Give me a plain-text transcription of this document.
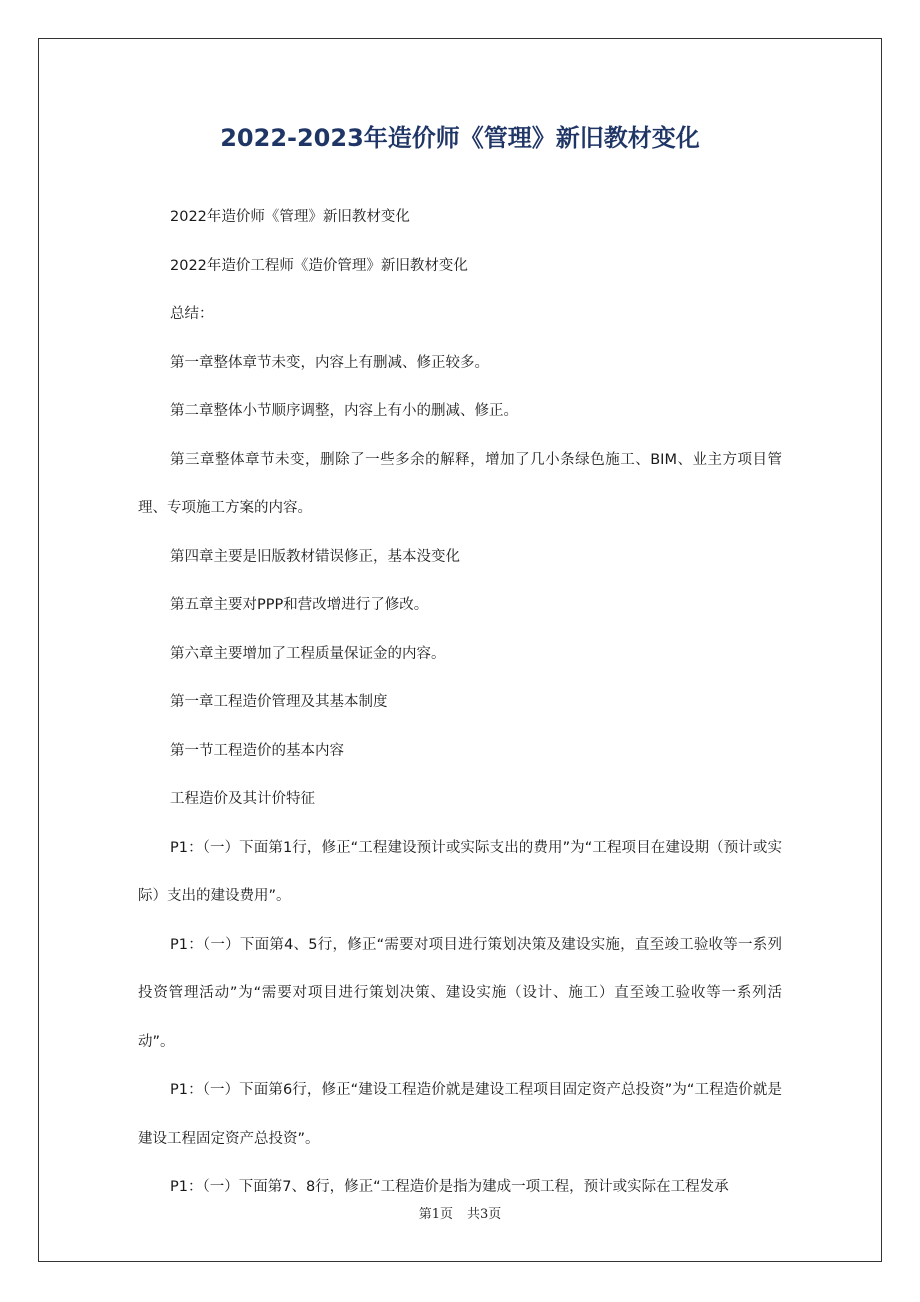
2022-2023年造价师《管理》新旧教材变化

2022年造价师《管理》新旧教材变化

2022年造价工程师《造价管理》新旧教材变化

总结：

第一章整体章节未变，内容上有删减、修正较多。

第二章整体小节顺序调整，内容上有小的删减、修正。

第三章整体章节未变，删除了一些多余的解释，增加了几小条绿色施工、BIM、业主方项目管理、专项施工方案的内容。

第四章主要是旧版教材错误修正，基本没变化

第五章主要对PPP和营改增进行了修改。

第六章主要增加了工程质量保证金的内容。

第一章工程造价管理及其基本制度

第一节工程造价的基本内容

工程造价及其计价特征

P1：（一）下面第1行，修正“工程建设预计或实际支出的费用”为“工程项目在建设期（预计或实际）支出的建设费用”。

P1：（一）下面第4、5行，修正“需要对项目进行策划决策及建设实施，直至竣工验收等一系列投资管理活动”为“需要对项目进行策划决策、建设实施（设计、施工）直至竣工验收等一系列活动”。

P1：（一）下面第6行，修正“建设工程造价就是建设工程项目固定资产总投资”为“工程造价就是建设工程固定资产总投资”。

P1：（一）下面第7、8行，修正“工程造价是指为建成一项工程，预计或实际在工程发承

第1页 共3页
